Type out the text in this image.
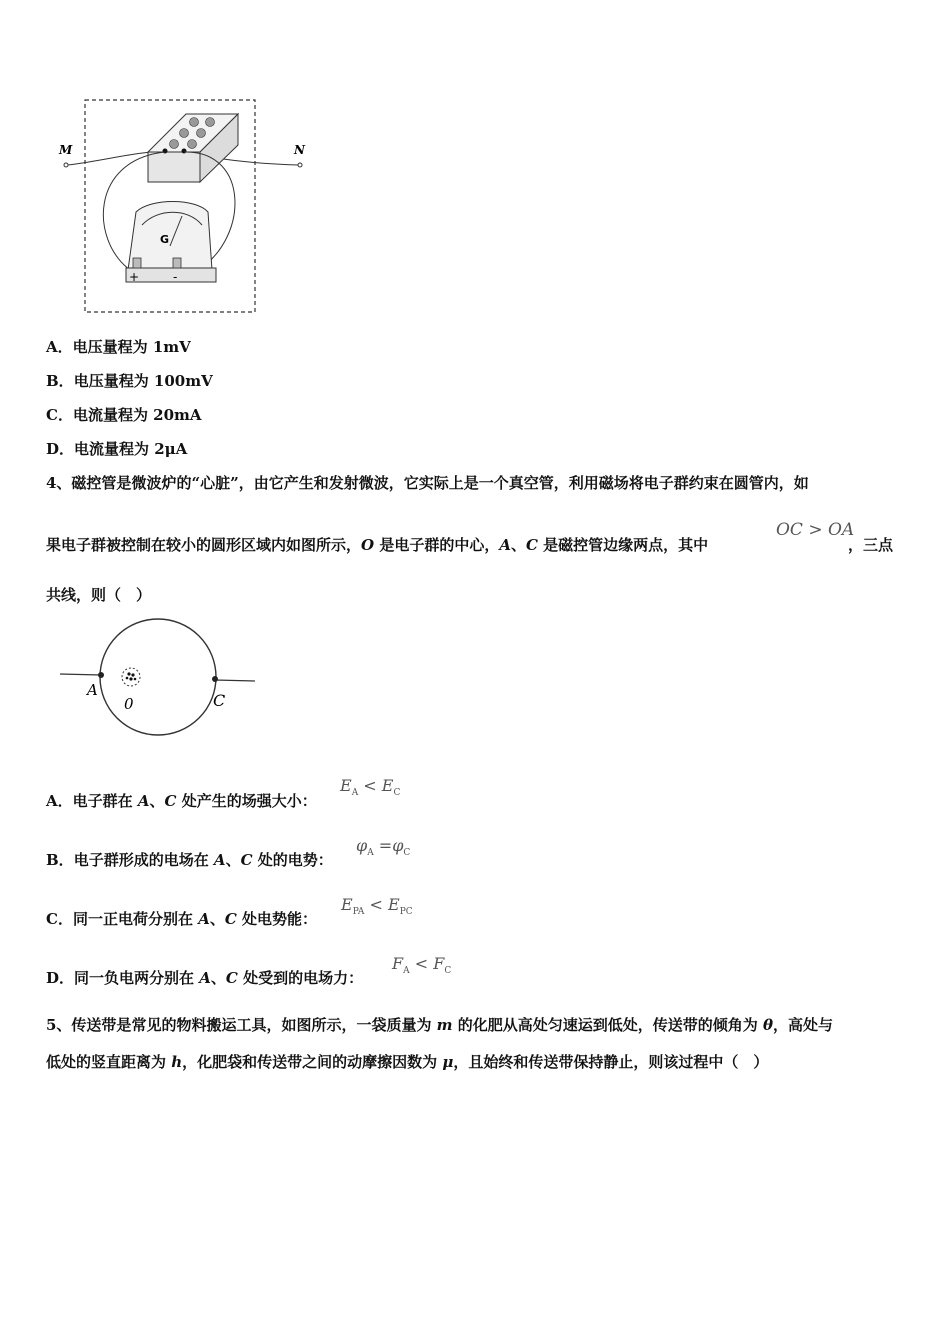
M	N
G
+	-
A．电压量程为 1mV
B．电压量程为 100mV
C．电流量程为 20mA
D．电流量程为 2μA
4、磁控管是微波炉的“心脏”，由它产生和发射微波，它实际上是一个真空管，利用磁场将电子群约束在圆管内，如
果电子群被控制在较小的圆形区域内如图所示，O 是电子群的中心，A、C 是磁控管边缘两点，其中
OC > OA
，三点
共线，则（　）
A
0	C
A．电子群在 A、C 处产生的场强大小：
$E_A < E_C$
B．电子群形成的电场在 A、C 处的电势：
$\varphi_A =\varphi_C$
C．同一正电荷分别在 A、C 处电势能：
$E_{PA} < E_{PC}$
D．同一负电两分别在 A、C 处受到的电场力：
$F_A < F_C$
5、传送带是常见的物料搬运工具，如图所示，一袋质量为 m 的化肥从高处匀速运到低处，传送带的倾角为 θ，高处与
低处的竖直距离为 h，化肥袋和传送带之间的动摩擦因数为 μ，且始终和传送带保持静止，则该过程中（　）
